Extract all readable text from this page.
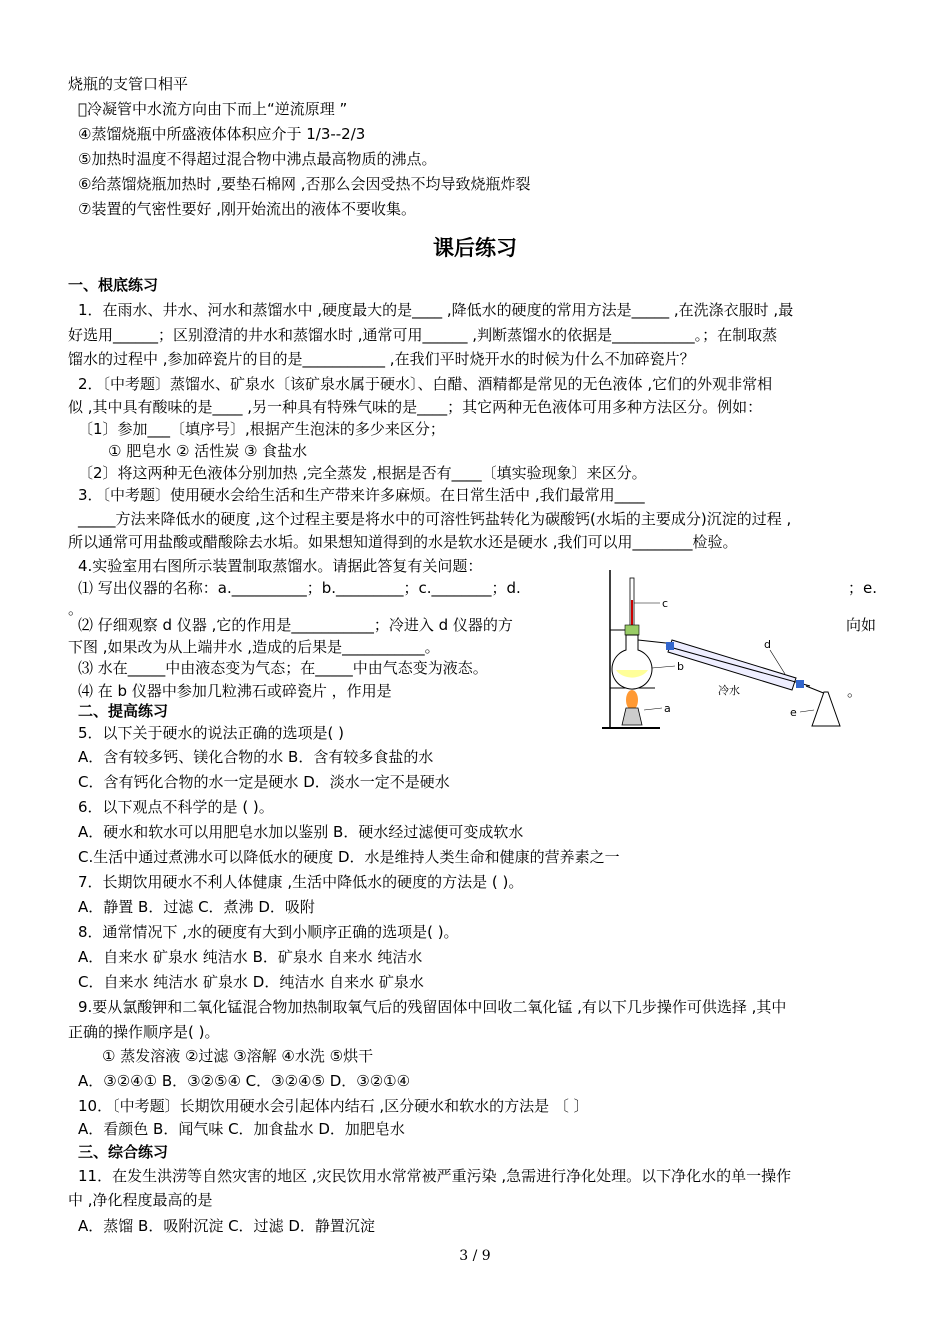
烧瓶的支管口相平
 冷凝管中水流方向由下而上“逆流原理 ”
④蒸馏烧瓶中所盛液体体积应介于 1/3--2/3
⑤加热时温度不得超过混合物中沸点最高物质的沸点。
⑥给蒸馏烧瓶加热时 ,要垫石棉网 ,否那么会因受热不均导致烧瓶炸裂
⑦装置的气密性要好 ,刚开始流出的液体不要收集。
课后练习
一、根底练习
1．在雨水、井水、河水和蒸馏水中 ,硬度最大的是____ ,降低水的硬度的常用方法是_____ ,在洗涤衣服时 ,最
好选用______；区别澄清的井水和蒸馏水时 ,通常可用______ ,判断蒸馏水的依据是___________。；在制取蒸
馏水的过程中 ,参加碎瓷片的目的是___________ ,在我们平时烧开水的时候为什么不加碎瓷片？
2．〔中考题〕蒸馏水、矿泉水〔该矿泉水属于硬水〕、白醋、酒精都是常见的无色液体 ,它们的外观非常相
似 ,其中具有酸味的是____ ,另一种具有特殊气味的是____；其它两种无色液体可用多种方法区分。例如：
〔1〕参加___〔填序号〕,根据产生泡沫的多少来区分；
① 肥皂水 ② 活性炭 ③ 食盐水
〔2〕将这两种无色液体分别加热 ,完全蒸发 ,根据是否有____〔填实验现象〕来区分。
3．〔中考题〕使用硬水会给生活和生产带来许多麻烦。在日常生活中 ,我们最常用____
_____方法来降低水的硬度 ,这个过程主要是将水中的可溶性钙盐转化为碳酸钙(水垢的主要成分)沉淀的过程 ,
所以通常可用盐酸或醋酸除去水垢。如果想知道得到的水是软水还是硬水 ,我们可以用________检验。
4.实验室用右图所示装置制取蒸馏水。请据此答复有关问题：
⑴ 写出仪器的名称：a.__________；b._________；c.________；d.	；e.
。
⑵ 仔细观察 d 仪器 ,它的作用是___________；冷进入 d 仪器的方	向如
下图 ,如果改为从上端井水 ,造成的后果是___________。
⑶ 水在_____中由液态变为气态；在_____中由气态变为液态。
⑷ 在 b 仪器中参加几粒沸石或碎瓷片 ，作用是	。
二、提高练习
c
b
a
d
冷水
e
5．以下关于硬水的说法正确的选项是( )
A．含有较多钙、镁化合物的水 B．含有较多食盐的水
C．含有钙化合物的水一定是硬水 D．淡水一定不是硬水
6．以下观点不科学的是 ( )。
A．硬水和软水可以用肥皂水加以鉴别 B．硬水经过滤便可变成软水
C.生活中通过煮沸水可以降低水的硬度 D．水是维持人类生命和健康的营养素之一
7．长期饮用硬水不利人体健康 ,生活中降低水的硬度的方法是 ( )。
A．静置 B．过滤 C．煮沸 D．吸附
8．通常情况下 ,水的硬度有大到小顺序正确的选项是( )。
A．自来水 矿泉水 纯洁水 B．矿泉水 自来水 纯洁水
C．自来水 纯洁水 矿泉水 D．纯洁水 自来水 矿泉水
9.要从氯酸钾和二氧化锰混合物加热制取氧气后的残留固体中回收二氧化锰 ,有以下几步操作可供选择 ,其中
正确的操作顺序是( )。
① 蒸发溶液 ②过滤 ③溶解 ④水洗 ⑤烘干
A．③②④① B．③②⑤④ C．③②④⑤ D．③②①④
10．〔中考题〕长期饮用硬水会引起体内结石 ,区分硬水和软水的方法是 〔 〕
A．看颜色 B．闻气味 C．加食盐水 D．加肥皂水
三、综合练习
11．在发生洪涝等自然灾害的地区 ,灾民饮用水常常被严重污染 ,急需进行净化处理。以下净化水的单一操作
中 ,净化程度最高的是
A．蒸馏 B．吸附沉淀 C．过滤 D．静置沉淀
3 / 9
